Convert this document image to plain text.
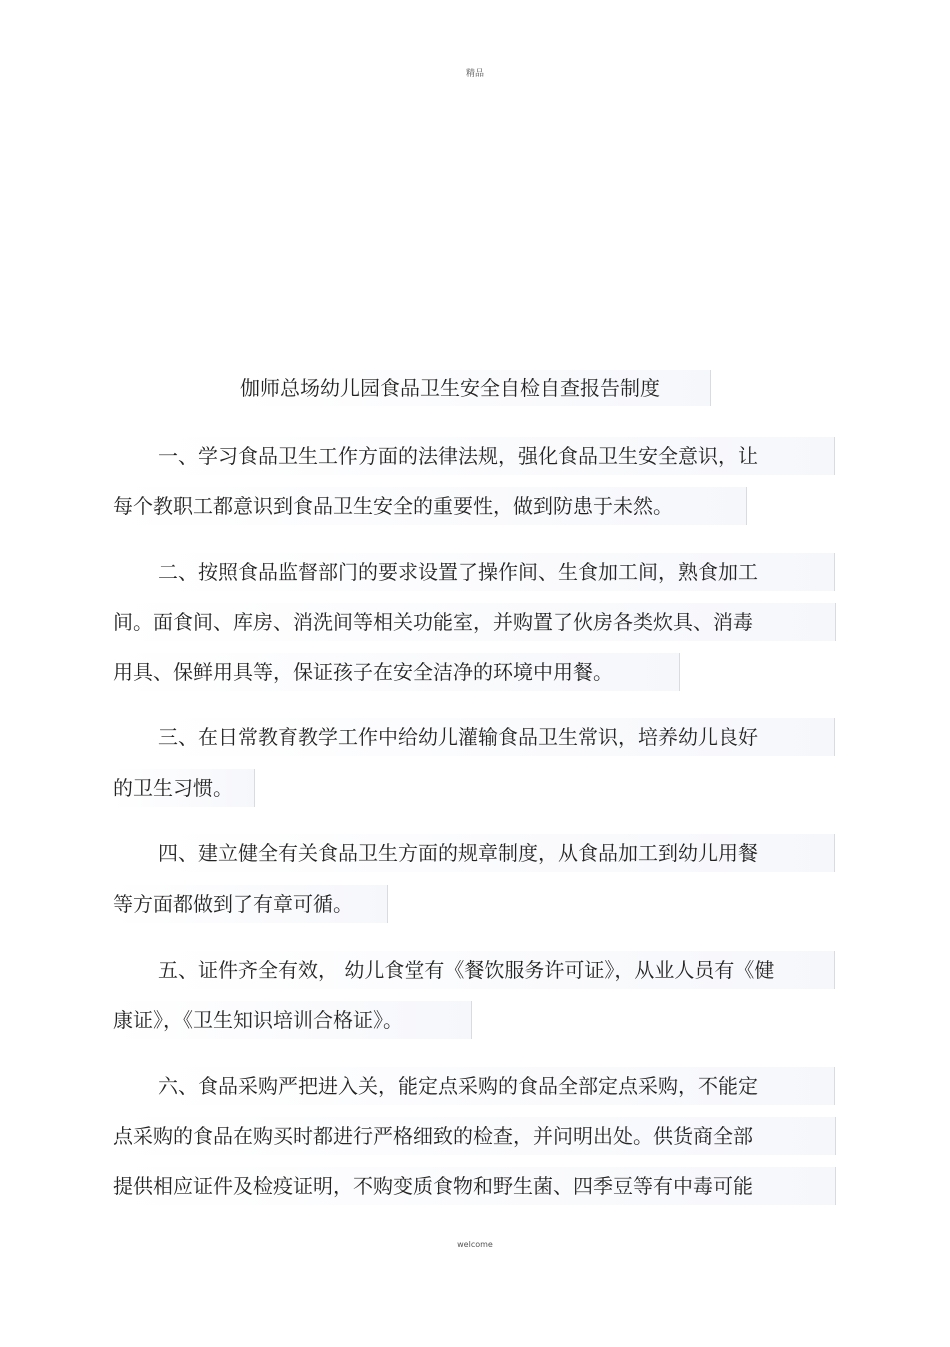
精品
伽师总场幼儿园食品卫生安全自检自查报告制度
一、学习食品卫生工作方面的法律法规，强化食品卫生安全意识，让
每个教职工都意识到食品卫生安全的重要性，做到防患于未然。
二、按照食品监督部门的要求设置了操作间、生食加工间，熟食加工
间。面食间、库房、消洗间等相关功能室，并购置了伙房各类炊具、消毒
用具、保鲜用具等，保证孩子在安全洁净的环境中用餐。
三、在日常教育教学工作中给幼儿灌输食品卫生常识，培养幼儿良好
的卫生习惯。
四、建立健全有关食品卫生方面的规章制度，从食品加工到幼儿用餐
等方面都做到了有章可循。
五、证件齐全有效， 幼儿食堂有《餐饮服务许可证》，从业人员有《健
康证》，《卫生知识培训合格证》。
六、食品采购严把进入关，能定点采购的食品全部定点采购，不能定
点采购的食品在购买时都进行严格细致的检查，并问明出处。供货商全部
提供相应证件及检疫证明，不购变质食物和野生菌、四季豆等有中毒可能
welcome
